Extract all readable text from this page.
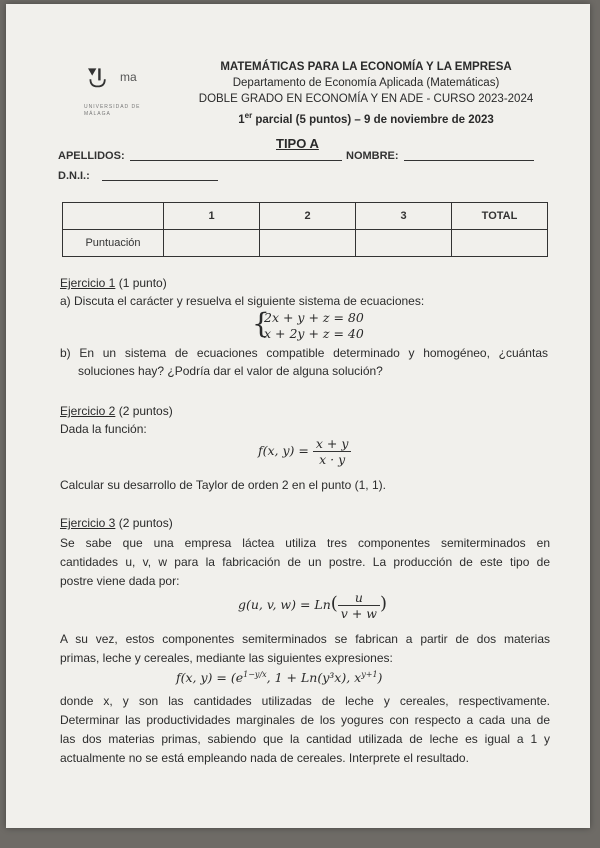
ma
UNIVERSIDAD DE MÁLAGA
MATEMÁTICAS PARA LA ECONOMÍA Y LA EMPRESA
Departamento de Economía Aplicada (Matemáticas)
DOBLE GRADO EN ECONOMÍA Y EN ADE - CURSO 2023-2024
1er parcial (5 puntos) – 9 de noviembre de 2023
TIPO A
APELLIDOS:	NOMBRE:
D.N.I.:
	1	2	3	TOTAL
Puntuación				
Ejercicio 1 (1 punto)
a) Discuta el carácter y resuelva el siguiente sistema de ecuaciones:
{
2x + y + z = 80
x + 2y + z = 40
b) En un sistema de ecuaciones compatible determinado y homogéneo, ¿cuántas
soluciones hay? ¿Podría dar el valor de alguna solución?
Ejercicio 2 (2 puntos)
Dada la función:
f(x, $y) = \frac{x + y}{x \cdot y}$
Calcular su desarrollo de Taylor de orden 2 en el punto (1, 1).
Ejercicio 3 (2 puntos)
Se sabe que una empresa láctea utiliza tres componentes semiterminados en
cantidades u, v, w para la fabricación de un postre. La producción de este tipo de
postre viene dada por:
g(u, v, $w) = Ln( \frac{u}{v + w}$ )
A su vez, estos componentes semiterminados se fabrican a partir de dos materias
primas, leche y cereales, mediante las siguientes expresiones:
f(x, $y) = (e^{1-y/x}$, 1 + Ln(y³x), $x^{y+1}$)
donde x, y son las cantidades utilizadas de leche y cereales, respectivamente.
Determinar las productividades marginales de los yogures con respecto a cada una de
las dos materias primas, sabiendo que la cantidad utilizada de leche es igual a 1 y
actualmente no se está empleando nada de cereales. Interprete el resultado.
